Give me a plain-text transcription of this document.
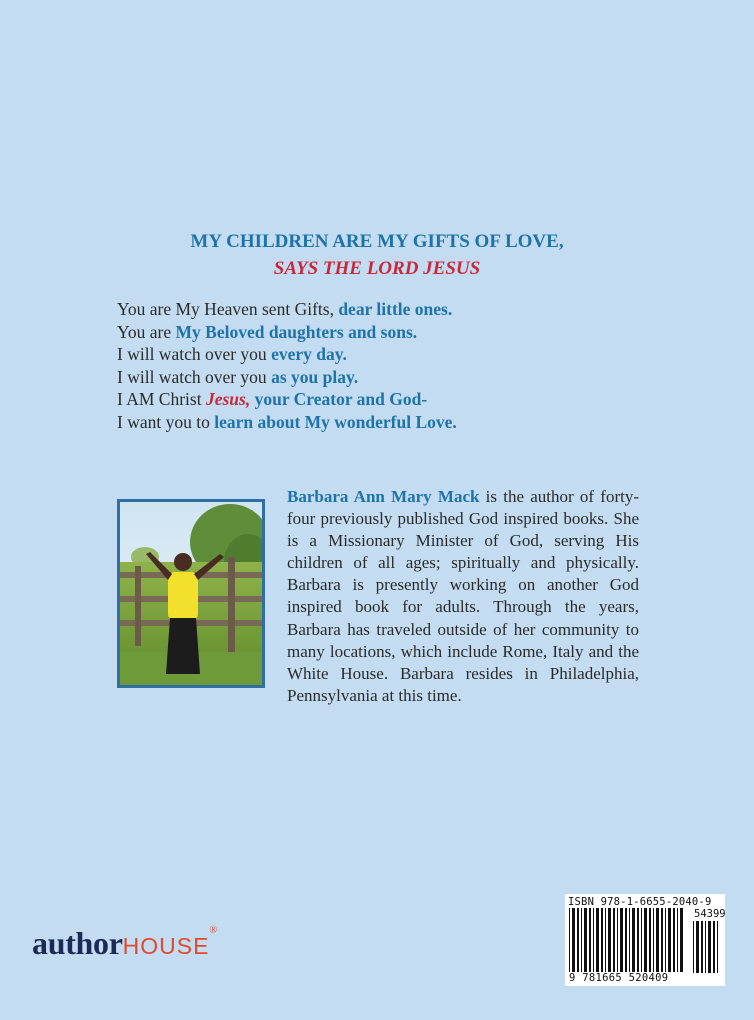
MY CHILDREN ARE MY GIFTS OF LOVE,
SAYS THE LORD JESUS
You are My Heaven sent Gifts, dear little ones.
You are My Beloved daughters and sons.
I will watch over you every day.
I will watch over you as you play.
I AM Christ Jesus, your Creator and God-
I want you to learn about My wonderful Love.
Barbara Ann Mary Mack is the author of forty-four previously published God inspired books. She is a Missionary Minister of God, serving His children of all ages; spiritually and physically. Barbara is presently working on another God inspired book for adults. Through the years, Barbara has traveled outside of her community to many locations, which include Rome, Italy and the White House. Barbara resides in Philadelphia, Pennsylvania at this time.
authorHOUSE®
ISBN 978-1-6655-2040-9
54399
9 781665 520409
